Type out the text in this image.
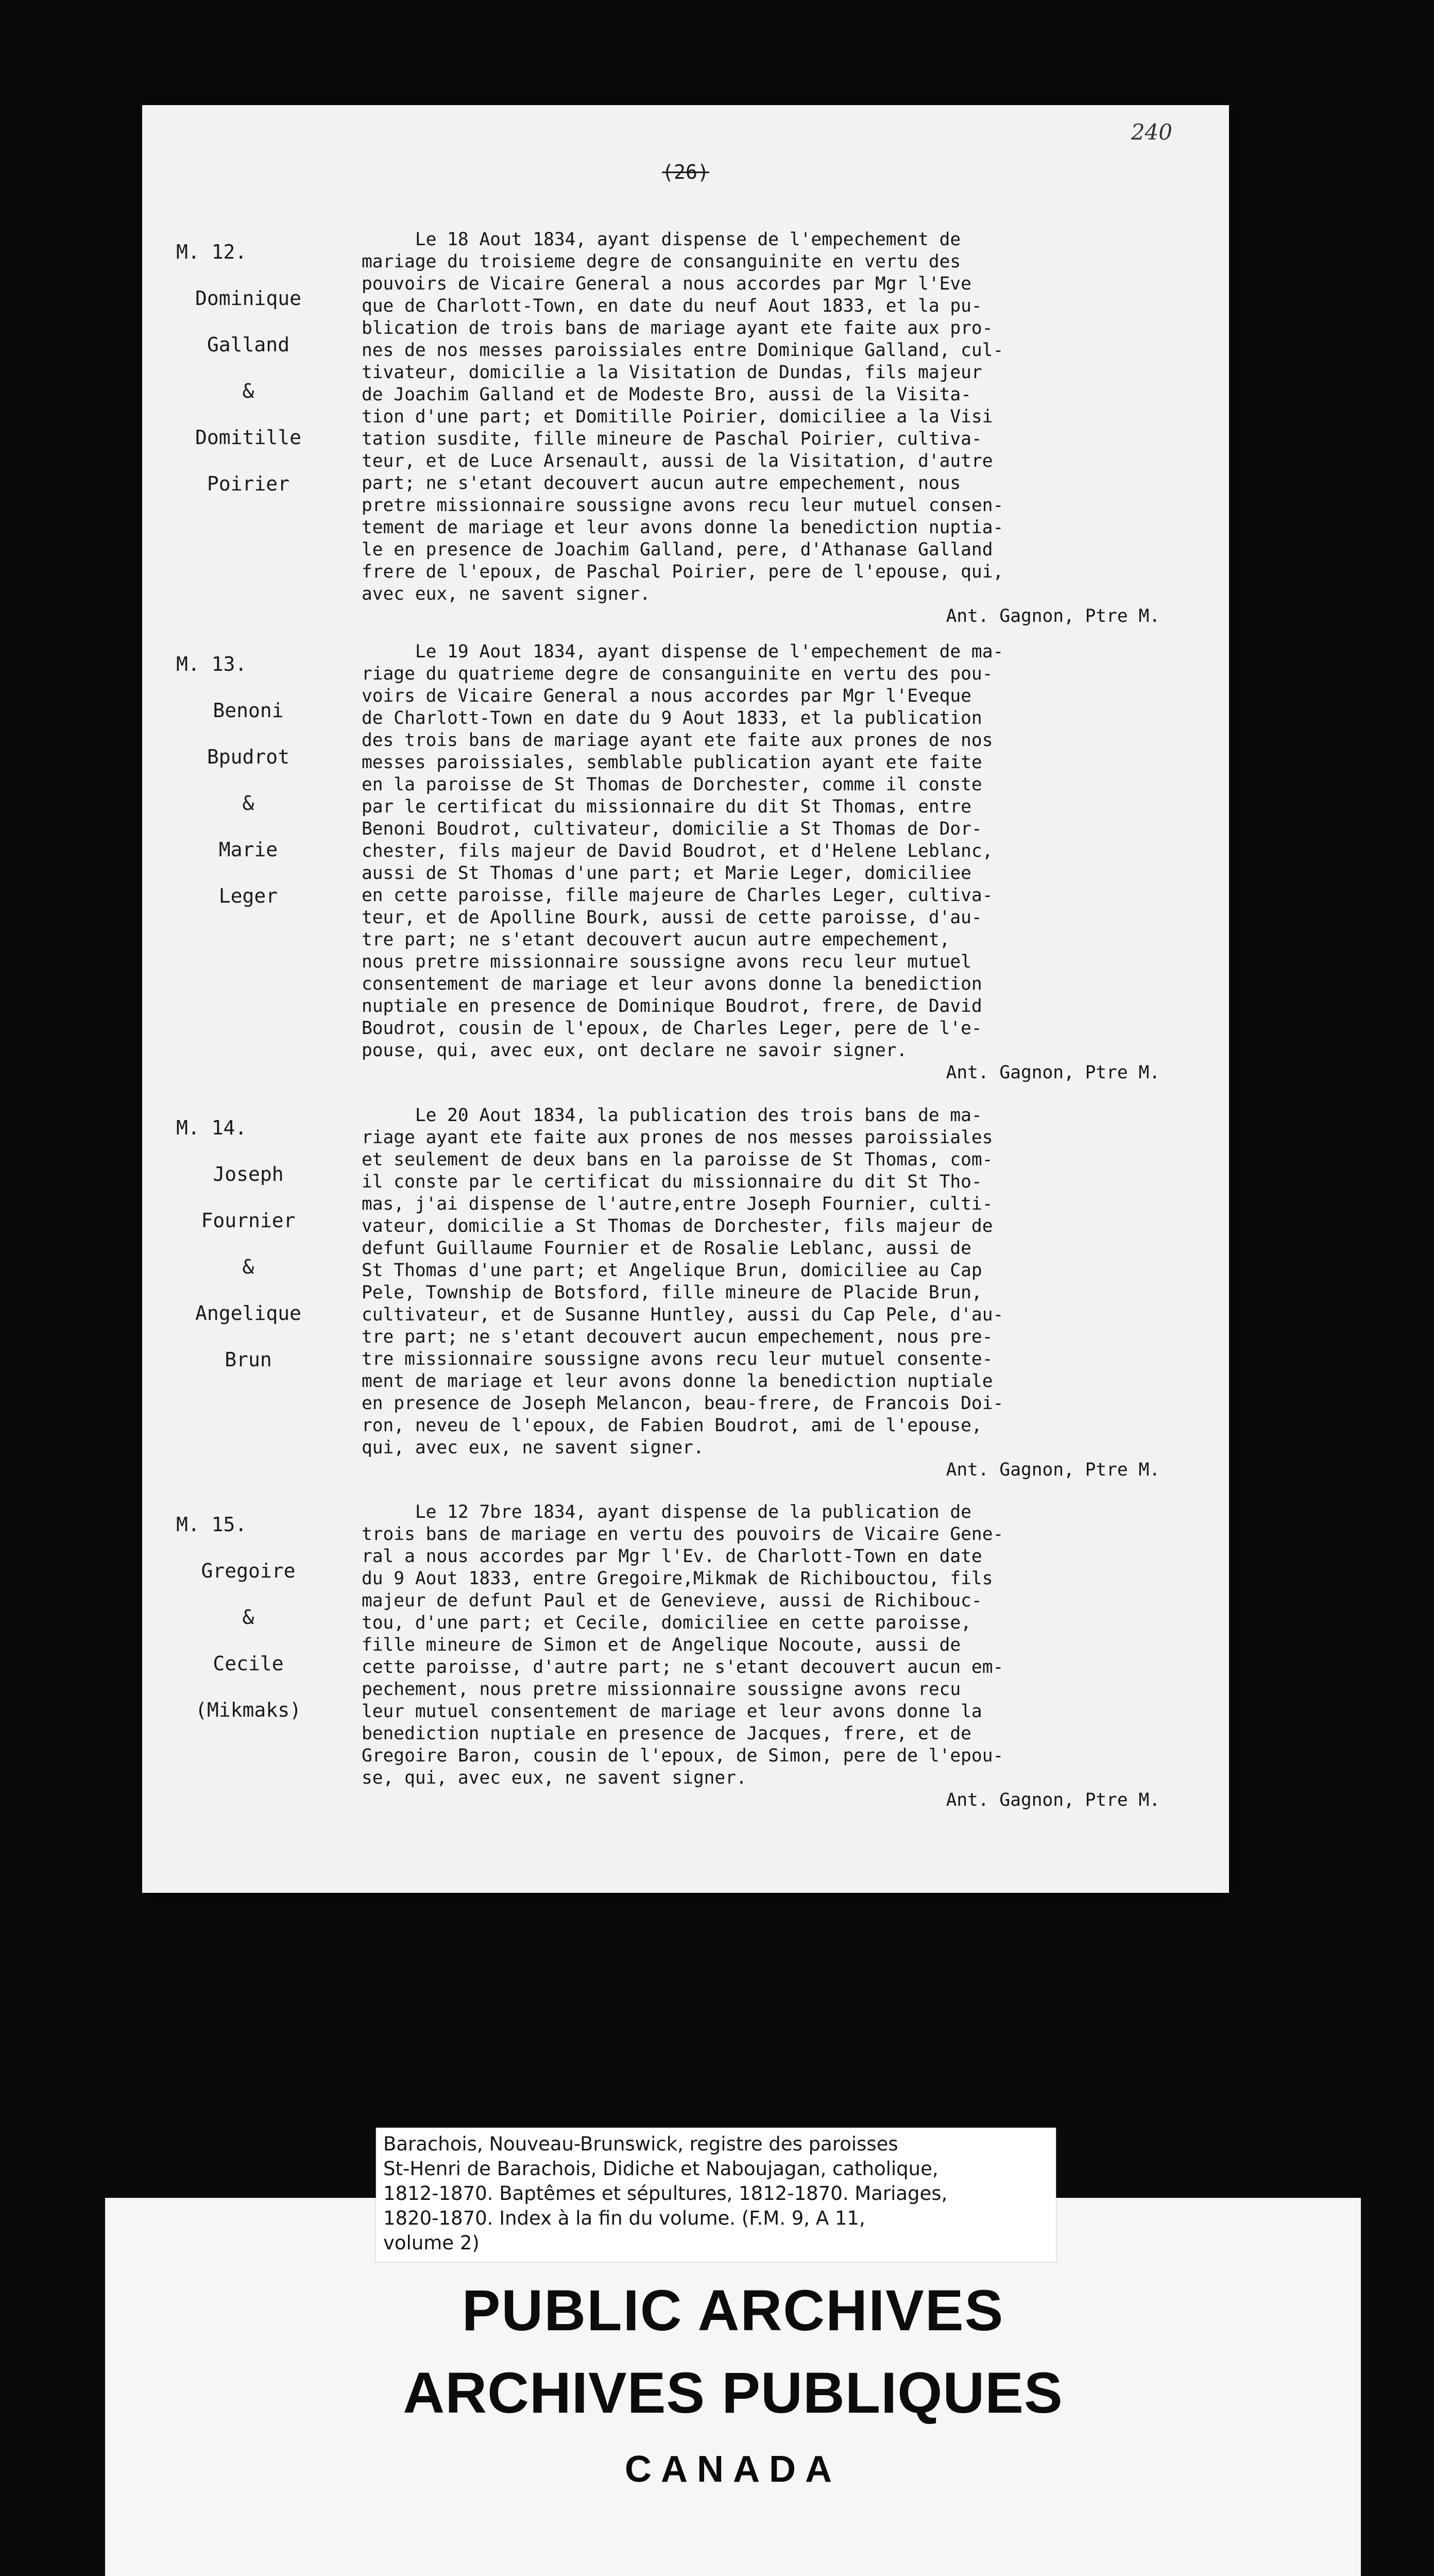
240
(26)
M. 12.
Dominique
Galland
&
Domitille
Poirier
Le 18 Aout 1834, ayant dispense de l'empechement de
mariage du troisieme degre de consanguinite en vertu des
pouvoirs de Vicaire General a nous accordes par Mgr l'Eve
que de Charlott-Town, en date du neuf Aout 1833, et la pu-
blication de trois bans de mariage ayant ete faite aux pro-
nes de nos messes paroissiales entre Dominique Galland, cul-
tivateur, domicilie a la Visitation de Dundas, fils majeur
de Joachim Galland et de Modeste Bro, aussi de la Visita-
tion d'une part; et Domitille Poirier, domiciliee a la Visi
tation susdite, fille mineure de Paschal Poirier, cultiva-
teur, et de Luce Arsenault, aussi de la Visitation, d'autre
part; ne s'etant decouvert aucun autre empechement, nous
pretre missionnaire soussigne avons recu leur mutuel consen-
tement de mariage et leur avons donne la benediction nuptia-
le en presence de Joachim Galland, pere, d'Athanase Galland
frere de l'epoux, de Paschal Poirier, pere de l'epouse, qui,
avec eux, ne savent signer.
Ant. Gagnon, Ptre M.
M. 13.
Benoni
Bpudrot
&
Marie
Leger
Le 19 Aout 1834, ayant dispense de l'empechement de ma-
riage du quatrieme degre de consanguinite en vertu des pou-
voirs de Vicaire General a nous accordes par Mgr l'Eveque
de Charlott-Town en date du 9 Aout 1833, et la publication
des trois bans de mariage ayant ete faite aux prones de nos
messes paroissiales, semblable publication ayant ete faite
en la paroisse de St Thomas de Dorchester, comme il conste
par le certificat du missionnaire du dit St Thomas, entre
Benoni Boudrot, cultivateur, domicilie a St Thomas de Dor-
chester, fils majeur de David Boudrot, et d'Helene Leblanc,
aussi de St Thomas d'une part; et Marie Leger, domiciliee
en cette paroisse, fille majeure de Charles Leger, cultiva-
teur, et de Apolline Bourk, aussi de cette paroisse, d'au-
tre part; ne s'etant decouvert aucun autre empechement,
nous pretre missionnaire soussigne avons recu leur mutuel
consentement de mariage et leur avons donne la benediction
nuptiale en presence de Dominique Boudrot, frere, de David
Boudrot, cousin de l'epoux, de Charles Leger, pere de l'e-
pouse, qui, avec eux, ont declare ne savoir signer.
Ant. Gagnon, Ptre M.
M. 14.
Joseph
Fournier
&
Angelique
Brun
Le 20 Aout 1834, la publication des trois bans de ma-
riage ayant ete faite aux prones de nos messes paroissiales
et seulement de deux bans en la paroisse de St Thomas, com-
il conste par le certificat du missionnaire du dit St Tho-
mas, j'ai dispense de l'autre,entre Joseph Fournier, culti-
vateur, domicilie a St Thomas de Dorchester, fils majeur de
defunt Guillaume Fournier et de Rosalie Leblanc, aussi de
St Thomas d'une part; et Angelique Brun, domiciliee au Cap
Pele, Township de Botsford, fille mineure de Placide Brun,
cultivateur, et de Susanne Huntley, aussi du Cap Pele, d'au-
tre part; ne s'etant decouvert aucun empechement, nous pre-
tre missionnaire soussigne avons recu leur mutuel consente-
ment de mariage et leur avons donne la benediction nuptiale
en presence de Joseph Melancon, beau-frere, de Francois Doi-
ron, neveu de l'epoux, de Fabien Boudrot, ami de l'epouse,
qui, avec eux, ne savent signer.
Ant. Gagnon, Ptre M.
M. 15.
Gregoire
&
Cecile
(Mikmaks)
Le 12 7bre 1834, ayant dispense de la publication de
trois bans de mariage en vertu des pouvoirs de Vicaire Gene-
ral a nous accordes par Mgr l'Ev. de Charlott-Town en date
du 9 Aout 1833, entre Gregoire,Mikmak de Richibouctou, fils
majeur de defunt Paul et de Genevieve, aussi de Richibouc-
tou, d'une part; et Cecile, domiciliee en cette paroisse,
fille mineure de Simon et de Angelique Nocoute, aussi de
cette paroisse, d'autre part; ne s'etant decouvert aucun em-
pechement, nous pretre missionnaire soussigne avons recu
leur mutuel consentement de mariage et leur avons donne la
benediction nuptiale en presence de Jacques, frere, et de
Gregoire Baron, cousin de l'epoux, de Simon, pere de l'epou-
se, qui, avec eux, ne savent signer.
Ant. Gagnon, Ptre M.
PUBLIC ARCHIVES
ARCHIVES PUBLIQUES
CANADA
Barachois, Nouveau-Brunswick, registre des paroisses
St-Henri de Barachois, Didiche et Naboujagan, catholique,
1812-1870. Baptêmes et sépultures, 1812-1870. Mariages,
1820-1870. Index à la fin du volume. (F.M. 9, A 11,
volume 2)
